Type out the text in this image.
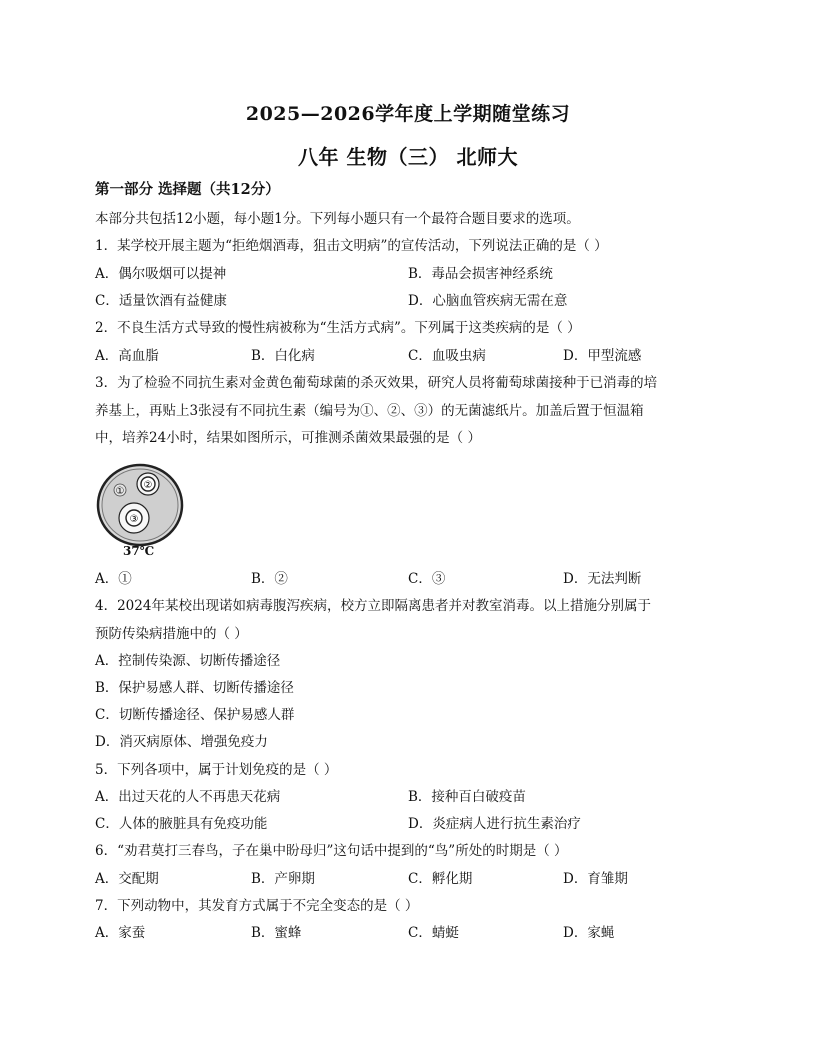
2025—2026学年度上学期随堂练习
八年 生物（三） 北师大
第一部分 选择题（共12分）
本部分共包括12小题，每小题1分。下列每小题只有一个最符合题目要求的选项。
1．某学校开展主题为“拒绝烟酒毒，狙击文明病”的宣传活动，下列说法正确的是（ ）
A．偶尔吸烟可以提神	B．毒品会损害神经系统
C．适量饮酒有益健康	D．心脑血管疾病无需在意
2．不良生活方式导致的慢性病被称为“生活方式病”。下列属于这类疾病的是（ ）
A．高血脂	B．白化病	C．血吸虫病	D．甲型流感
3．为了检验不同抗生素对金黄色葡萄球菌的杀灭效果，研究人员将葡萄球菌接种于已消毒的培
养基上，再贴上3张浸有不同抗生素（编号为①、②、③）的无菌滤纸片。加盖后置于恒温箱
中，培养24小时，结果如图所示，可推测杀菌效果最强的是（ ）
①
②
③
37℃
A．①	B．②	C．③	D．无法判断
4．2024年某校出现诺如病毒腹泻疾病，校方立即隔离患者并对教室消毒。以上措施分别属于
预防传染病措施中的（ ）
A．控制传染源、切断传播途径
B．保护易感人群、切断传播途径
C．切断传播途径、保护易感人群
D．消灭病原体、增强免疫力
5．下列各项中，属于计划免疫的是（ ）
A．出过天花的人不再患天花病	B．接种百白破疫苗
C．人体的腋脏具有免疫功能	D．炎症病人进行抗生素治疗
6．“劝君莫打三春鸟，子在巢中盼母归”这句话中提到的“鸟”所处的时期是（ ）
A．交配期	B．产卵期	C．孵化期	D．育雏期
7．下列动物中，其发育方式属于不完全变态的是（ ）
A．家蚕	B．蜜蜂	C．蜻蜓	D．家蝇
